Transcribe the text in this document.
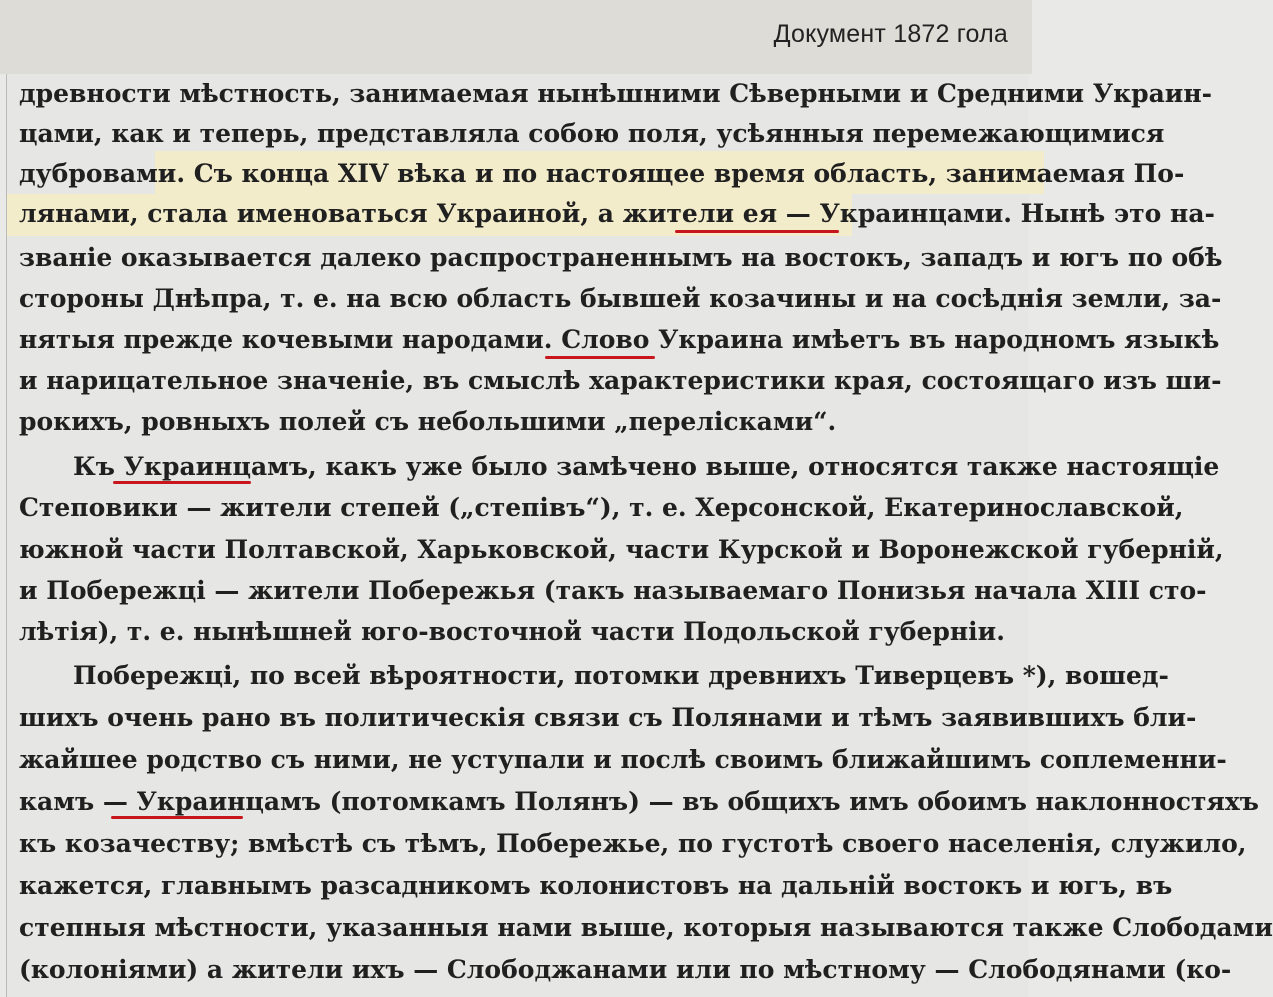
Документ 1872 гола
древности мѣстность, занимаемая нынѣшними Сѣверными и Средними Украин-
цами, как и теперь, представляла собою поля, усѣянныя перемежающимися
дубровами. Съ конца XIV вѣка и по настоящее время область, занимаемая По-
лянами, стала именоваться Украиной, а жители ея — Украинцами. Нынѣ это на-
званіе оказывается далеко распространеннымъ на востокъ, западъ и югъ по обѣ
стороны Днѣпра, т. е. на всю область бывшей козачины и на сосѣднія земли, за-
нятыя прежде кочевыми народами. Слово Украина имѣетъ въ народномъ языкѣ
и нарицательное значеніе, въ смыслѣ характеристики края, состоящаго изъ ши-
рокихъ, ровныхъ полей съ небольшими „перелісками“.
Къ Украинцамъ, какъ уже было замѣчено выше, относятся также настоящіе
Степовики — жители степей („степівъ“), т. е. Херсонской, Екатеринославской,
южной части Полтавской, Харьковской, части Курской и Воронежской губерній,
и Побережці — жители Побережья (такъ называемаго Понизья начала XIII сто-
лѣтія), т. е. нынѣшней юго-восточной части Подольской губерніи.
Побережці, по всей вѣроятности, потомки древнихъ Тиверцевъ *), вошед-
шихъ очень рано въ политическія связи съ Полянами и тѣмъ заявившихъ бли-
жайшее родство съ ними, не уступали и послѣ своимъ ближайшимъ соплеменни-
камъ — Украинцамъ (потомкамъ Полянъ) — въ общихъ имъ обоимъ наклонностяхъ
къ козачеству; вмѣстѣ съ тѣмъ, Побережье, по густотѣ своего населенія, служило,
кажется, главнымъ разсадникомъ колонистовъ на дальній востокъ и югъ, въ
степныя мѣстности, указанныя нами выше, которыя называются также Слободами
(колоніями) а жители ихъ — Слободжанами или по мѣстному — Слободянами (ко-
